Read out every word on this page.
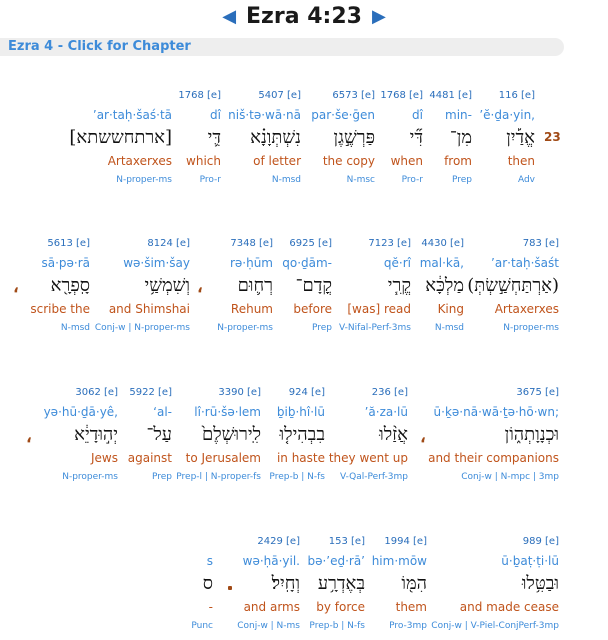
◀ Ezra 4:23 ▶
Ezra 4 - Click for Chapter
23
116 [e]
’ĕ·ḏa·yin,
אֱדַ֡יִן
then
Adv
4481 [e]
min-
מִן־
from
Prep
1768 [e]
dî
דִּ֞י
when
Pro-r
6573 [e]
par·še·ḡen
פַּרְשֶׁ֣גֶן
the copy
N-msc
5407 [e]
niš·tə·wā·nā
נִשְׁתְּוָנָ֗א
of letter
N-msd
1768 [e]
dî
דִּ֛י
which
Pro-r
’ar·taḥ·šaś·tā
[ארתחששתא]
Artaxerxes
N-proper-ms
783 [e]
’ar·taḥ·šaśt
(אַרְתַּחְשַׁ֣שְׂתְּ)
Artaxerxes
N-proper-ms
4430 [e]
mal·kā,
מַלְכָּ֔א
King
N-msd
7123 [e]
qĕ·rî
קֱרִ֧י
[was] read
V-Nifal-Perf-3ms
6925 [e]
qo·ḏām-
קֳדָם־
before
Prep
7348 [e]
rə·ḥūm
רְח֛וּם
Rehum
N-proper-ms
8124 [e]
wə·šim·šay
וְשִׁמְשַׁ֥י
and Shimshai
Conj-w | N-proper-ms
5613 [e]
sā·pə·rā
סָֽפְרָ֖א
scribe the
N-msd
،
،
3675 [e]
ū·ḵə·nā·wā·ṯə·hō·wn;
וּכְנָוָתְה֑וֹן
and their companions
Conj-w | N-mpc | 3mp
236 [e]
’ă·za·lū
אֲזַ֨לוּ
they went up
V-Qal-Perf-3mp
924 [e]
ḇiḇ·hî·lū
בִבְהִיל֤וּ
in haste
Prep-b | N-fs
3390 [e]
lî·rū·šə·lem
לִֽירוּשְׁלֶם֙
to Jerusalem
Prep-l | N-proper-fs
5922 [e]
‘al-
עַל־
against
Prep
3062 [e]
yə·hū·ḏā·yê,
יְה֣וּדָיֵ֔א
Jews
N-proper-ms
،
،
989 [e]
ū·ḇaṭ·ṭi·lū
וּבַטִּ֥לוּ
and made cease
Conj-w | V-Piel-ConjPerf-3mp
1994 [e]
him·mōw
הִמּ֖וֹ
them
Pro-3mp
153 [e]
bə·’eḏ·rā’
בְּאֶדְרָ֥ע
by force
Prep-b | N-fs
2429 [e]
wə·ḥā·yil.
וְחָֽיִל׃
and arms
Conj-w | N-ms
s
ס
-
Punc
